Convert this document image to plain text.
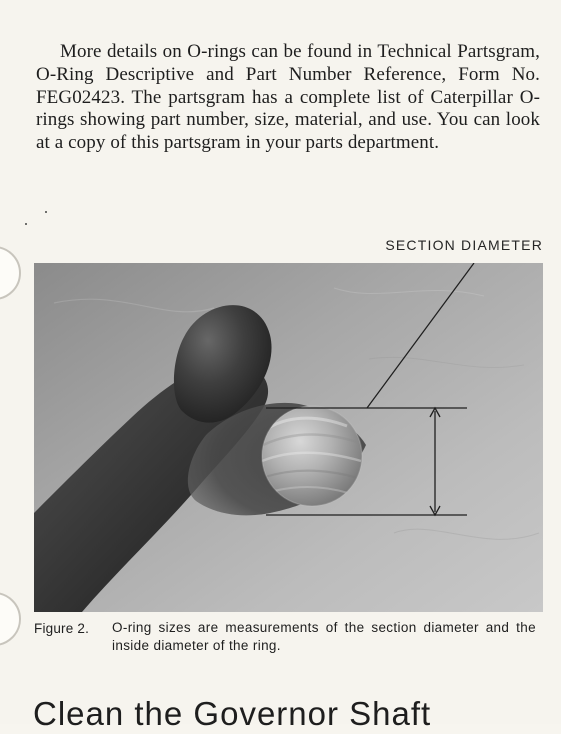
More details on O-rings can be found in Technical Partsgram, O-Ring Descriptive and Part Number Reference, Form No. FEG02423. The partsgram has a complete list of Caterpillar O-rings showing part number, size, material, and use. You can look at a copy of this partsgram in your parts department.

SECTION DIAMETER
Figure 2. O-ring sizes are measurements of the section diameter and the inside diameter of the ring.
Clean the Governor Shaft
